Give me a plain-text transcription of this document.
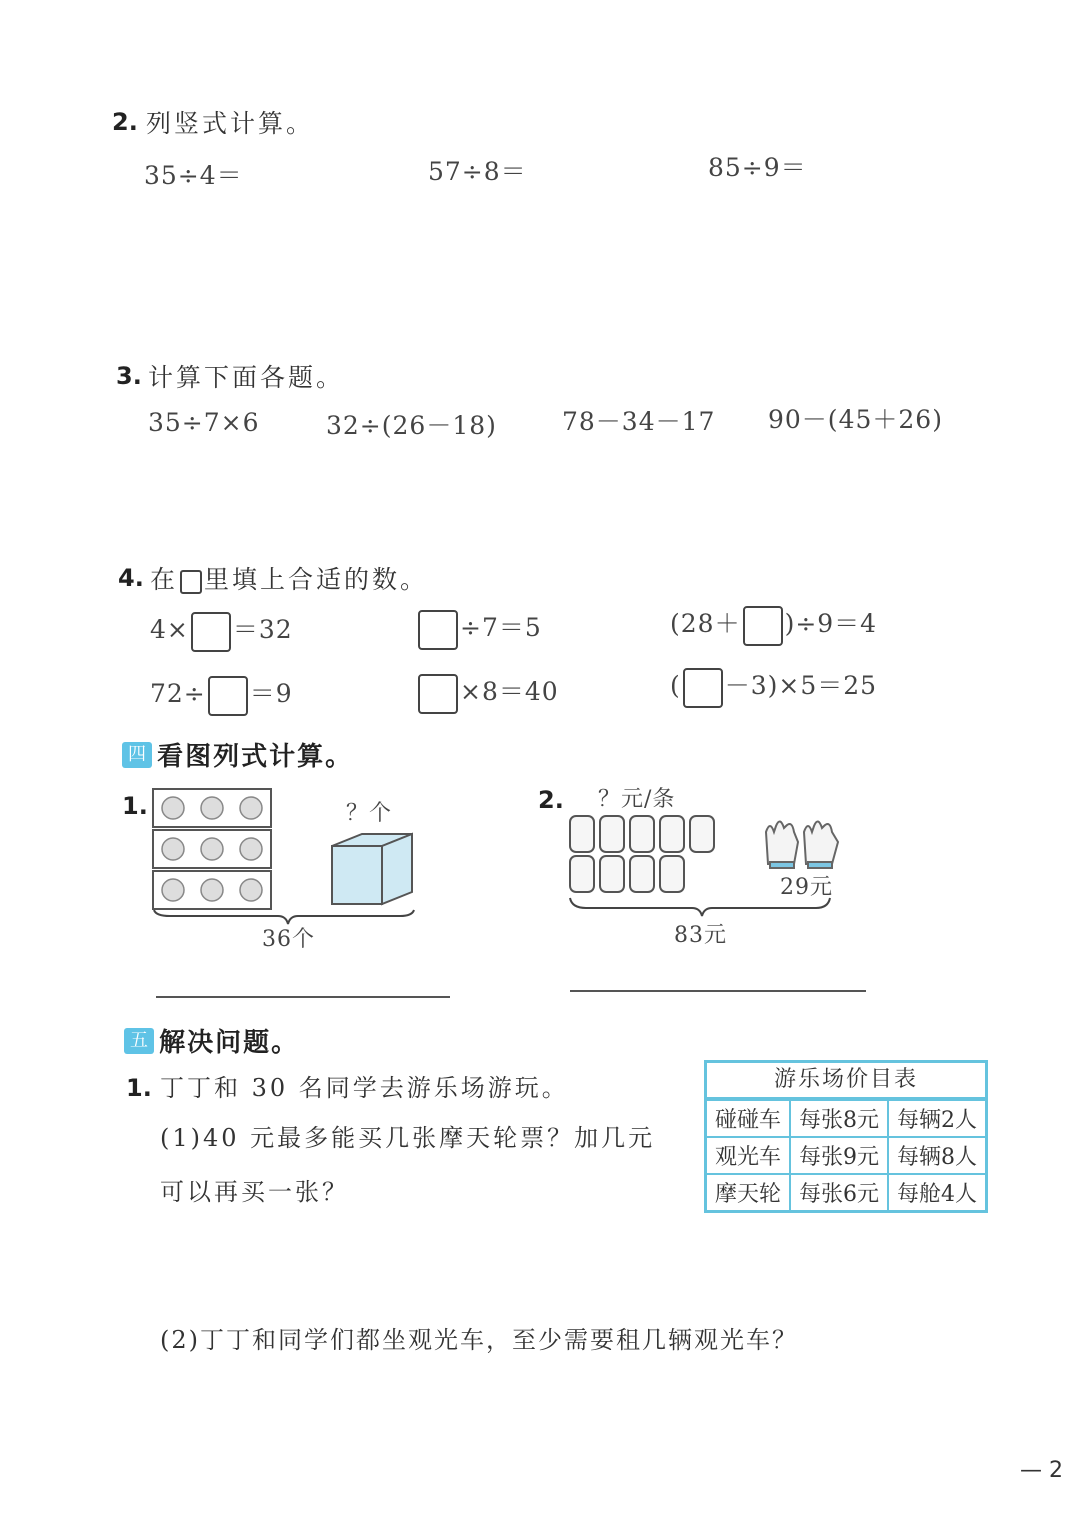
2. 列竖式计算。
35÷4＝	57÷8＝	85÷9＝
3. 计算下面各题。
35÷7×6	32÷(26－18)	78－34－17 90－(45＋26)
4. 在 里填上合适的数。
4× ＝32	÷7＝5	(28＋ )÷9＝4
72÷ ＝9	×8＝40	( －3)×5＝25
四 看图列式计算。
1.	？个
36个
2. ？元/条
29元
83元
五 解决问题。
1. 丁丁和 30 名同学去游乐场游玩。
(1)40 元最多能买几张摩天轮票？加几元
可以再买一张？
(2)丁丁和同学们都坐观光车，至少需要租几辆观光车？
游乐场价目表
碰碰车	每张8元	每辆2人
观光车	每张9元	每辆8人
摩天轮	每张6元	每舱4人
— 2
